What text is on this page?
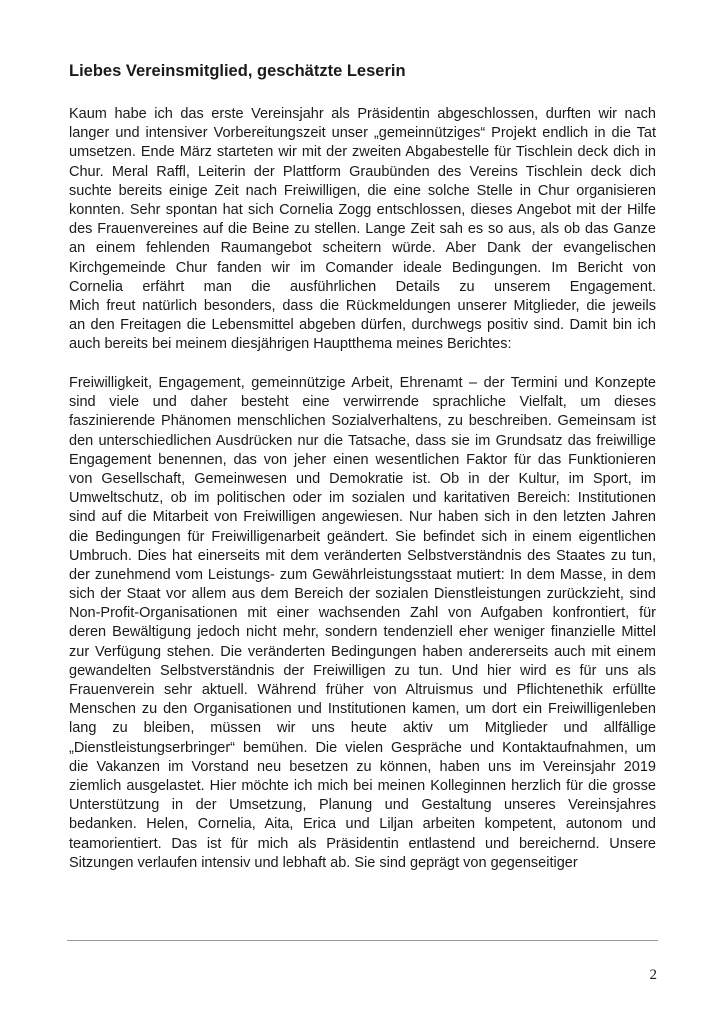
Liebes Vereinsmitglied, geschätzte Leserin
Kaum habe ich das erste Vereinsjahr als Präsidentin abgeschlossen, durften wir nach
langer und intensiver Vorbereitungszeit unser „gemeinnütziges“ Projekt endlich in die Tat
umsetzen. Ende März starteten wir mit der zweiten Abgabestelle für Tischlein deck dich in
Chur. Meral Raffl, Leiterin der Plattform Graubünden des Vereins Tischlein deck dich
suchte bereits einige Zeit nach Freiwilligen, die eine solche Stelle in Chur organisieren
konnten. Sehr spontan hat sich Cornelia Zogg entschlossen, dieses Angebot mit der Hilfe
des Frauenvereines auf die Beine zu stellen. Lange Zeit sah es so aus, als ob das Ganze
an einem fehlenden Raumangebot scheitern würde. Aber Dank der evangelischen
Kirchgemeinde Chur fanden wir im Comander ideale Bedingungen. Im Bericht von
Cornelia erfährt man die ausführlichen Details zu unserem Engagement.
Mich freut natürlich besonders, dass die Rückmeldungen unserer Mitglieder, die jeweils
an den Freitagen die Lebensmittel abgeben dürfen, durchwegs positiv sind. Damit bin ich
auch bereits bei meinem diesjährigen Hauptthema meines Berichtes:
Freiwilligkeit, Engagement, gemeinnützige Arbeit, Ehrenamt – der Termini und Konzepte
sind viele und daher besteht eine verwirrende sprachliche Vielfalt, um dieses
faszinierende Phänomen menschlichen Sozialverhaltens, zu beschreiben. Gemeinsam ist
den unterschiedlichen Ausdrücken nur die Tatsache, dass sie im Grundsatz das freiwillige
Engagement benennen, das von jeher einen wesentlichen Faktor für das Funktionieren
von Gesellschaft, Gemeinwesen und Demokratie ist. Ob in der Kultur, im Sport, im
Umweltschutz, ob im politischen oder im sozialen und karitativen Bereich: Institutionen
sind auf die Mitarbeit von Freiwilligen angewiesen. Nur haben sich in den letzten Jahren
die Bedingungen für Freiwilligenarbeit geändert. Sie befindet sich in einem eigentlichen
Umbruch. Dies hat einerseits mit dem veränderten Selbstverständnis des Staates zu tun,
der zunehmend vom Leistungs- zum Gewährleistungsstaat mutiert: In dem Masse, in dem
sich der Staat vor allem aus dem Bereich der sozialen Dienstleistungen zurückzieht, sind
Non-Profit-Organisationen mit einer wachsenden Zahl von Aufgaben konfrontiert, für
deren Bewältigung jedoch nicht mehr, sondern tendenziell eher weniger finanzielle Mittel
zur Verfügung stehen. Die veränderten Bedingungen haben andererseits auch mit einem
gewandelten Selbstverständnis der Freiwilligen zu tun. Und hier wird es für uns als
Frauenverein sehr aktuell. Während früher von Altruismus und Pflichtenethik erfüllte
Menschen zu den Organisationen und Institutionen kamen, um dort ein Freiwilligenleben
lang zu bleiben, müssen wir uns heute aktiv um Mitglieder und allfällige
„Dienstleistungserbringer“ bemühen. Die vielen Gespräche und Kontaktaufnahmen, um
die Vakanzen im Vorstand neu besetzen zu können, haben uns im Vereinsjahr 2019
ziemlich ausgelastet. Hier möchte ich mich bei meinen Kolleginnen herzlich für die grosse
Unterstützung in der Umsetzung, Planung und Gestaltung unseres Vereinsjahres
bedanken. Helen, Cornelia, Aita, Erica und Liljan arbeiten kompetent, autonom und
teamorientiert. Das ist für mich als Präsidentin entlastend und bereichernd. Unsere
Sitzungen verlaufen intensiv und lebhaft ab. Sie sind geprägt von gegenseitiger
2
